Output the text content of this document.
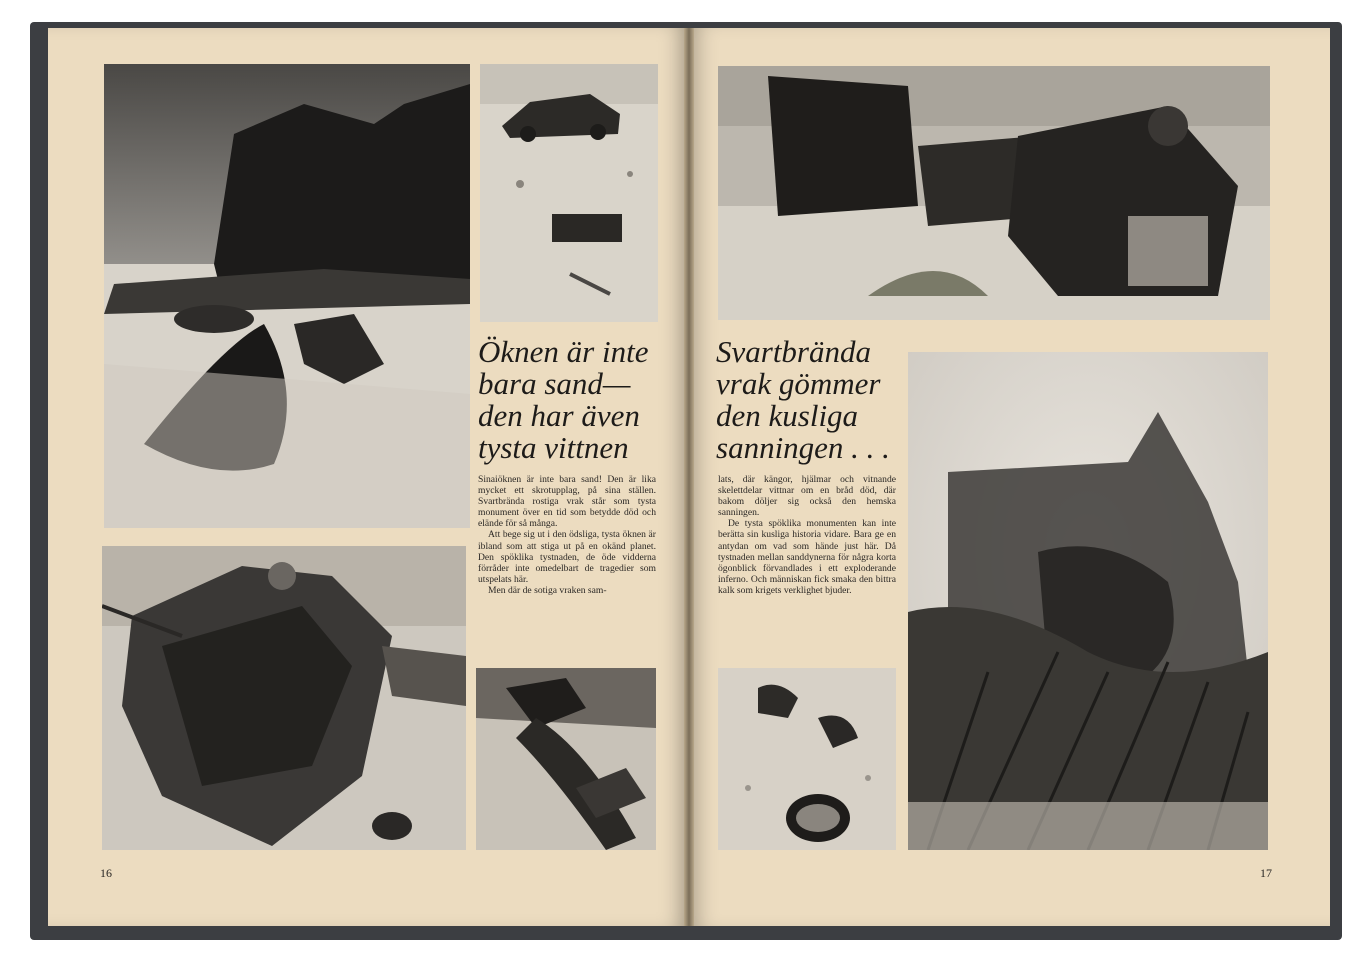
Öknen är inte
bara sand—
den har även
tysta vittnen

Sinaiöknen är inte bara sand! Den är lika mycket ett skrotupplag, på sina ställen. Svartbrända rostiga vrak står som tysta monument över en tid som betydde död och elände för så många.

Att bege sig ut i den ödsliga, tysta öknen är ibland som att stiga ut på en okänd planet. Den spöklika tystnaden, de öde vidderna förråder inte omedelbart de tragedier som utspelats här.

Men där de sotiga vraken sam-

16
Svartbrända
vrak gömmer
den kusliga
sanningen . . .

lats, där kängor, hjälmar och vitnande skelettdelar vittnar om en bråd död, där bakom döljer sig också den hemska sanningen.

De tysta spöklika monumenten kan inte berätta sin kusliga historia vidare. Bara ge en antydan om vad som hände just här. Då tystnaden mellan sanddynerna för några korta ögonblick förvandlades i ett exploderande inferno. Och människan fick smaka den bittra kalk som krigets verklighet bjuder.

17
